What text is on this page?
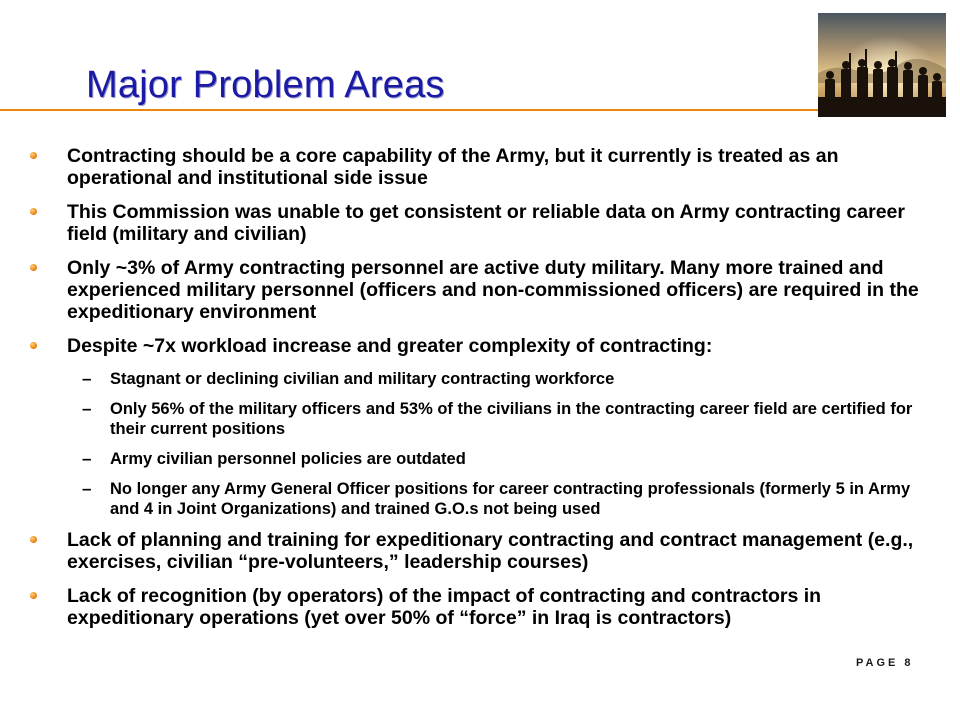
Major Problem Areas
Contracting should be a core capability of the Army, but it currently is treated as an operational and institutional side issue
This Commission was unable to get consistent or reliable data on Army contracting career field (military and civilian)
Only ~3% of Army contracting personnel are active duty military. Many more trained and experienced military personnel (officers and non-commissioned officers) are required in the expeditionary environment
Despite ~7x workload increase and greater complexity of contracting:
– Stagnant or declining civilian and military contracting workforce
– Only 56% of the military officers and 53% of the civilians in the contracting career field are certified for their current positions
– Army civilian personnel policies are outdated
– No longer any Army General Officer positions for career contracting professionals (formerly 5 in Army and 4 in Joint Organizations) and trained G.O.s not being used
Lack of planning and training for expeditionary contracting and contract management (e.g., exercises, civilian “pre-volunteers,” leadership courses)
Lack of recognition (by operators) of the impact of contracting and contractors in expeditionary operations (yet over 50% of “force” in Iraq is contractors)
PAGE 8
